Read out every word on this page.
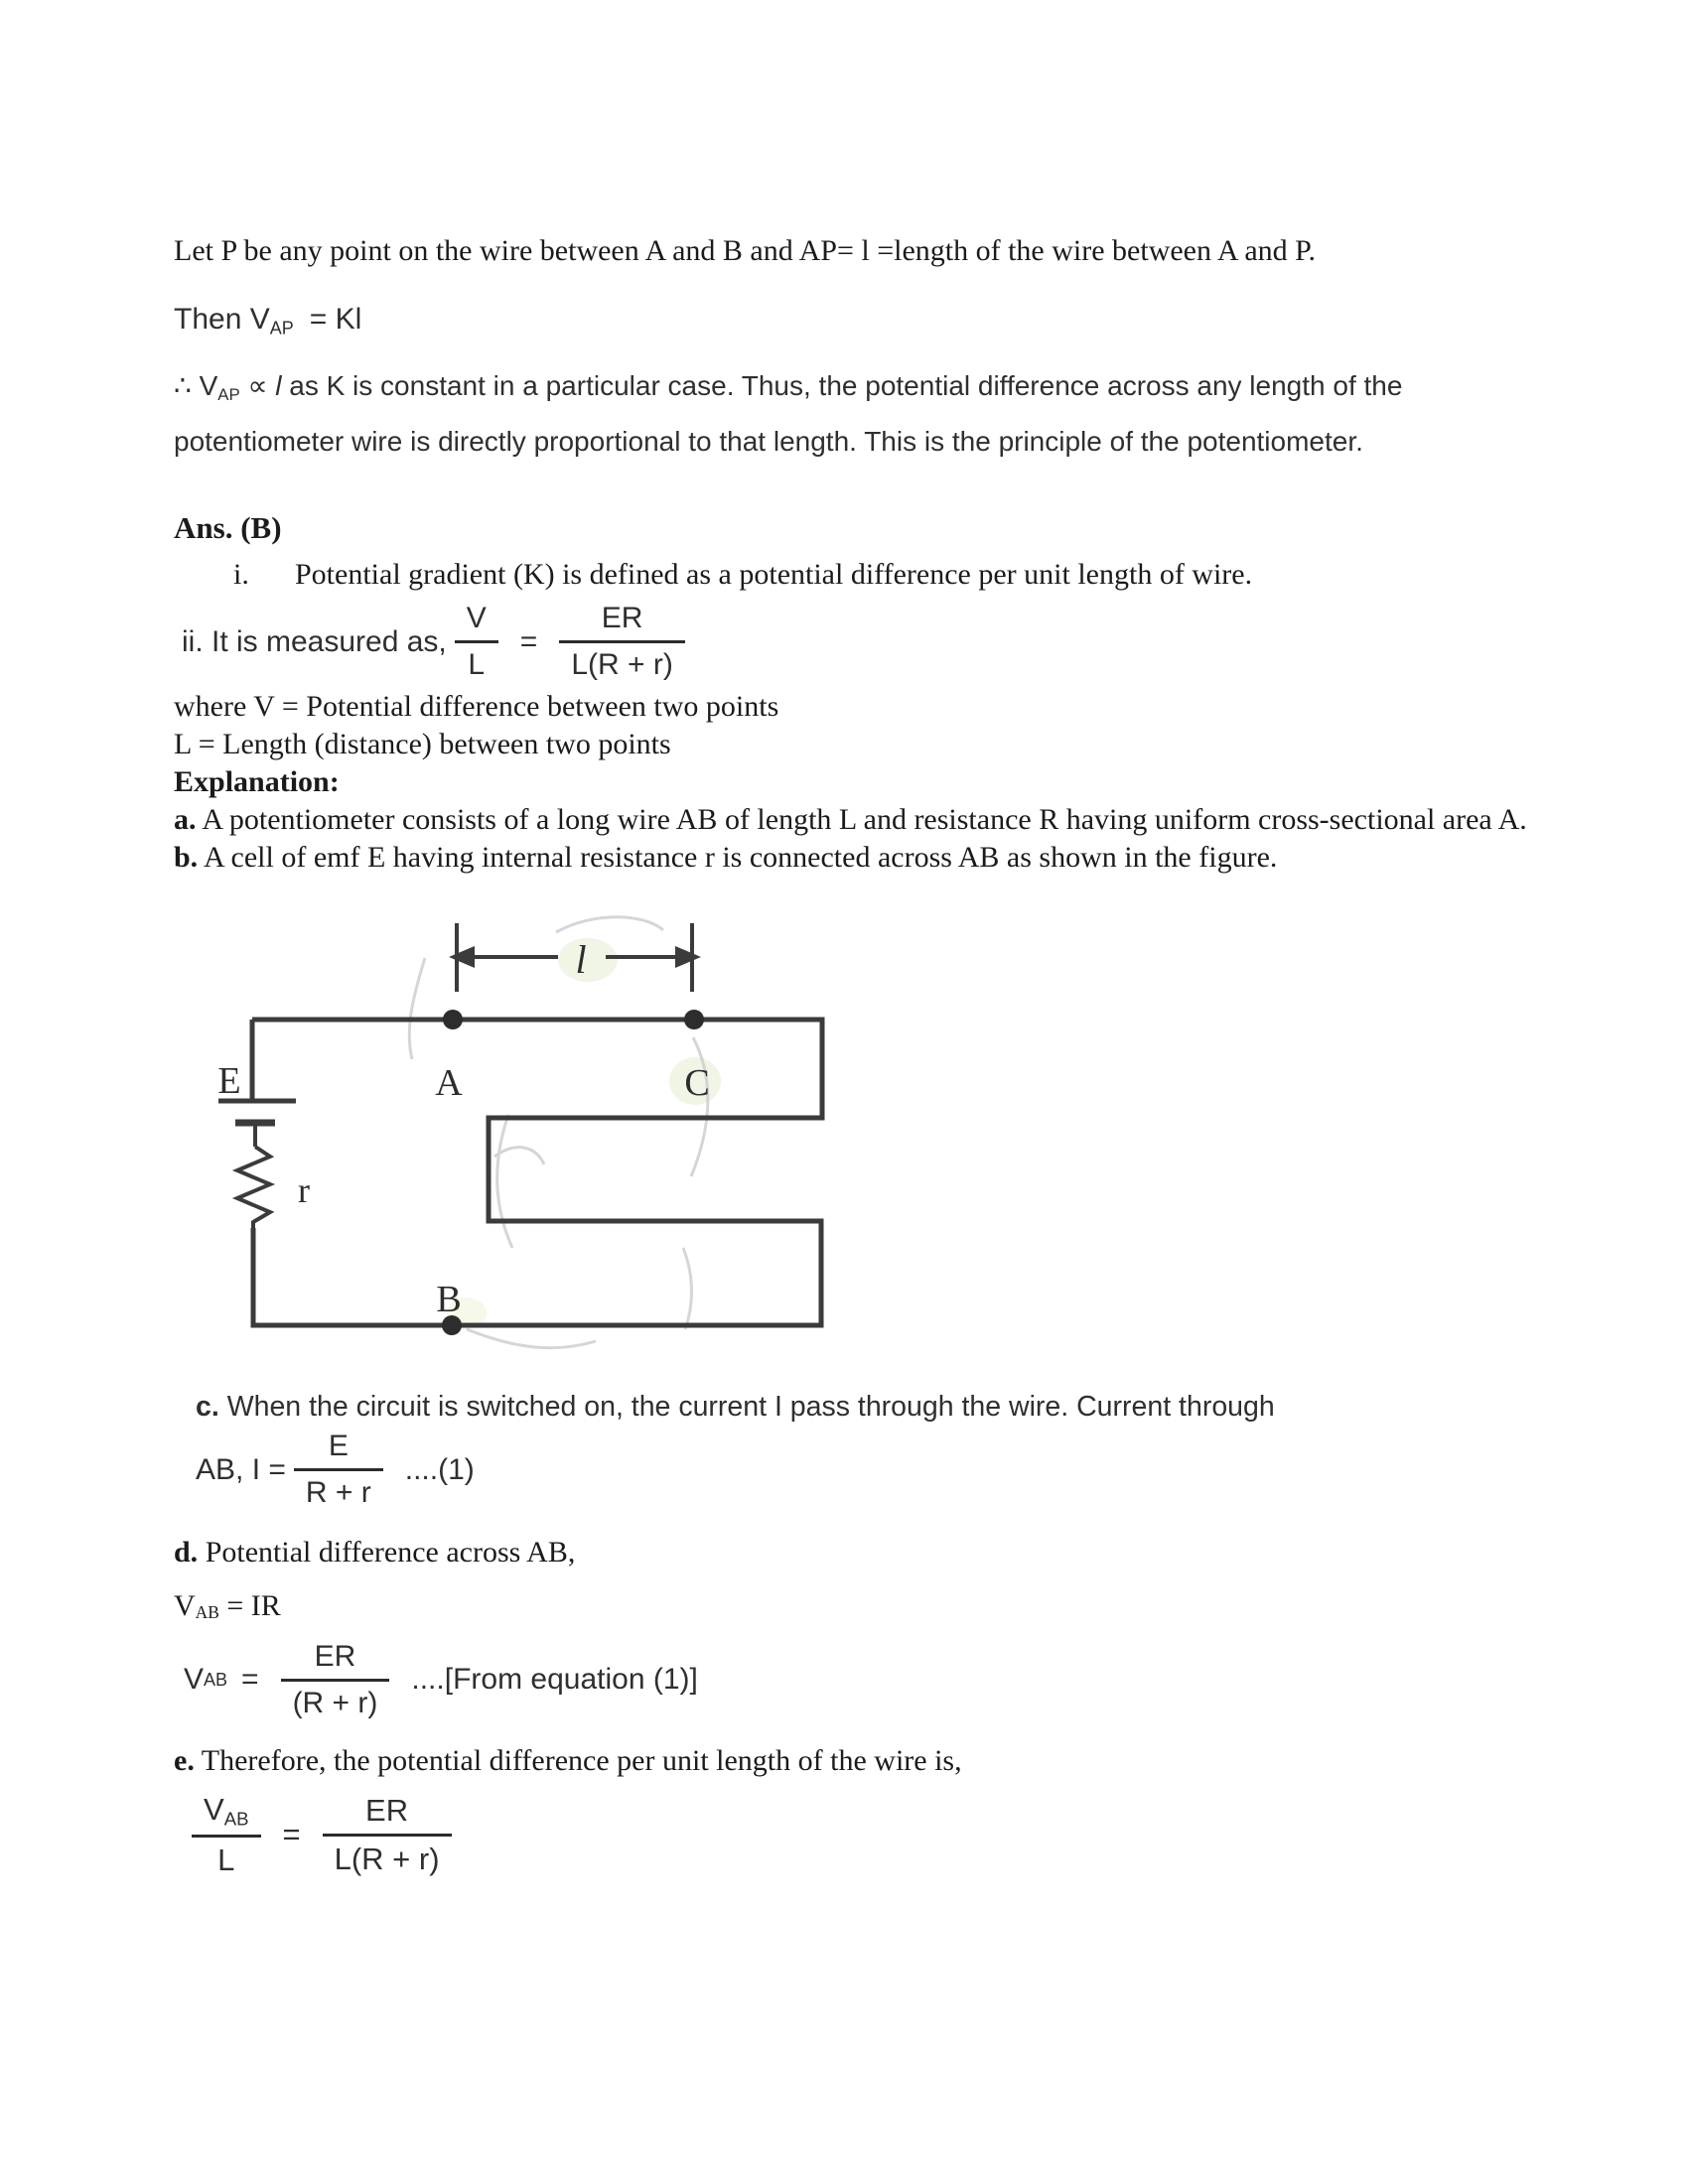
Let P be any point on the wire between A and B and AP= l =length of the wire between A and P.

Then $V_{AP} = Kl$

∴ $V_{AP} \propto l$ as K is constant in a particular case. Thus, the potential difference across any length of the potentiometer wire is directly proportional to that length. This is the principle of the potentiometer.

Ans. (B)
i.	Potential gradient (K) is defined as a potential difference per unit length of wire.
ii. It is measured as, $\frac{V}{L} = \frac{ER}{L(R + r)}$
where V = Potential difference between two points
L = Length (distance) between two points
Explanation:
a. A potentiometer consists of a long wire AB of length L and resistance R having uniform cross-sectional area A.
b. A cell of emf E having internal resistance r is connected across AB as shown in the figure.
l
E	A	C
B
r
c. When the circuit is switched on, the current I pass through the wire. Current through
AB, $I = \frac{E}{R + r} ....(1)$
d. Potential difference across AB,
VAB = IR
V AB = $\frac{ER}{(R + r)}$ ....[From equation (1)]
e. Therefore, the potential difference per unit length of the wire is,
$\frac{V_{AB}}{L} = \frac{ER}{L(R + r)}$
